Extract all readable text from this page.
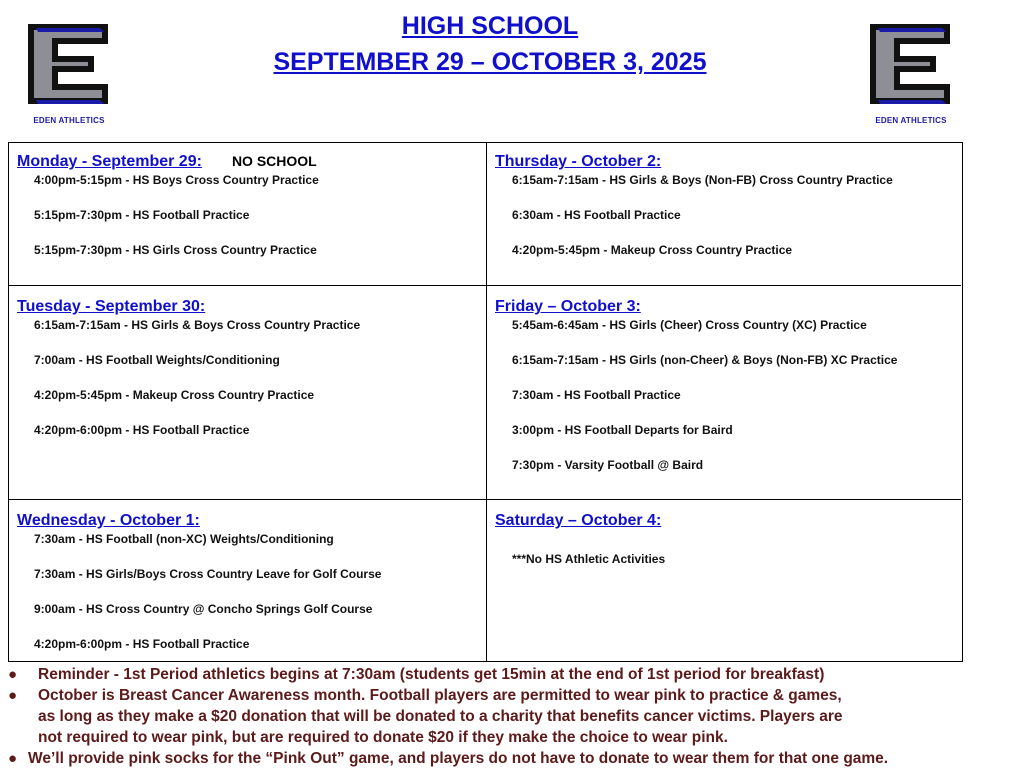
EDEN ATHLETICS	EDEN ATHLETICS
HIGH SCHOOL
SEPTEMBER 29 – OCTOBER 3, 2025
Monday - September 29: NO SCHOOL
4:00pm-5:15pm - HS Boys Cross Country Practice
5:15pm-7:30pm - HS Football Practice
5:15pm-7:30pm - HS Girls Cross Country Practice
Thursday - October 2:
6:15am-7:15am - HS Girls & Boys (Non-FB) Cross Country Practice
6:30am - HS Football Practice
4:20pm-5:45pm - Makeup Cross Country Practice
Tuesday - September 30:
6:15am-7:15am - HS Girls & Boys Cross Country Practice
7:00am - HS Football Weights/Conditioning
4:20pm-5:45pm - Makeup Cross Country Practice
4:20pm-6:00pm - HS Football Practice
Friday – October 3:
5:45am-6:45am - HS Girls (Cheer) Cross Country (XC) Practice
6:15am-7:15am - HS Girls (non-Cheer) & Boys (Non-FB) XC Practice
7:30am - HS Football Practice
3:00pm - HS Football Departs for Baird
7:30pm - Varsity Football @ Baird
Wednesday - October 1:
7:30am - HS Football (non-XC) Weights/Conditioning
7:30am - HS Girls/Boys Cross Country Leave for Golf Course
9:00am - HS Cross Country @ Concho Springs Golf Course
4:20pm-6:00pm - HS Football Practice
Saturday – October 4:
***No HS Athletic Activities
● Reminder - 1st Period athletics begins at 7:30am (students get 15min at the end of 1st period for breakfast)
● October is Breast Cancer Awareness month. Football players are permitted to wear pink to practice & games,
as long as they make a $20 donation that will be donated to a charity that benefits cancer victims. Players are
not required to wear pink, but are required to donate $20 if they make the choice to wear pink.
● We’ll provide pink socks for the “Pink Out” game, and players do not have to donate to wear them for that one game.
